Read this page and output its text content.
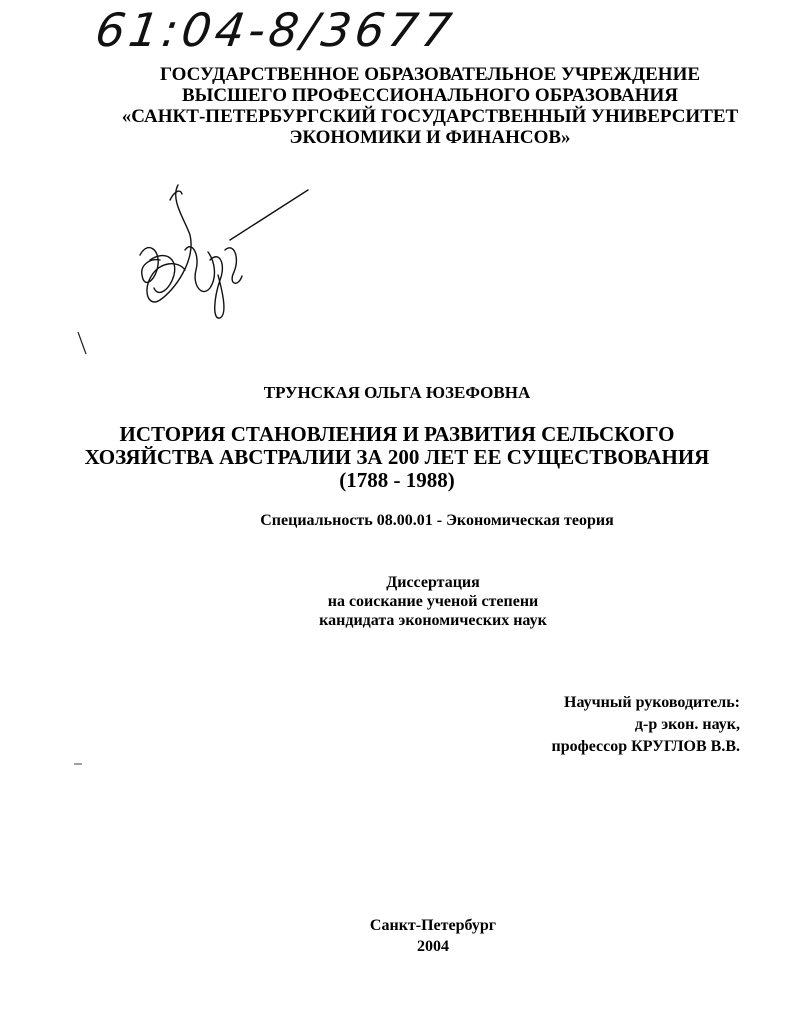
61:04-8/3677
ГОСУДАРСТВЕННОЕ ОБРАЗОВАТЕЛЬНОЕ УЧРЕЖДЕНИЕ
ВЫСШЕГО ПРОФЕССИОНАЛЬНОГО ОБРАЗОВАНИЯ
«САНКТ-ПЕТЕРБУРГСКИЙ ГОСУДАРСТВЕННЫЙ УНИВЕРСИТЕТ
ЭКОНОМИКИ И ФИНАНСОВ»
ТРУНСКАЯ ОЛЬГА ЮЗЕФОВНА
ИСТОРИЯ СТАНОВЛЕНИЯ И РАЗВИТИЯ СЕЛЬСКОГО
ХОЗЯЙСТВА АВСТРАЛИИ ЗА 200 ЛЕТ ЕЕ СУЩЕСТВОВАНИЯ
(1788 - 1988)
Специальность 08.00.01 - Экономическая теория
Диссертация
на соискание ученой степени
кандидата экономических наук
Научный руководитель:
д-р экон. наук,
профессор КРУГЛОВ В.В.
Санкт-Петербург
2004
